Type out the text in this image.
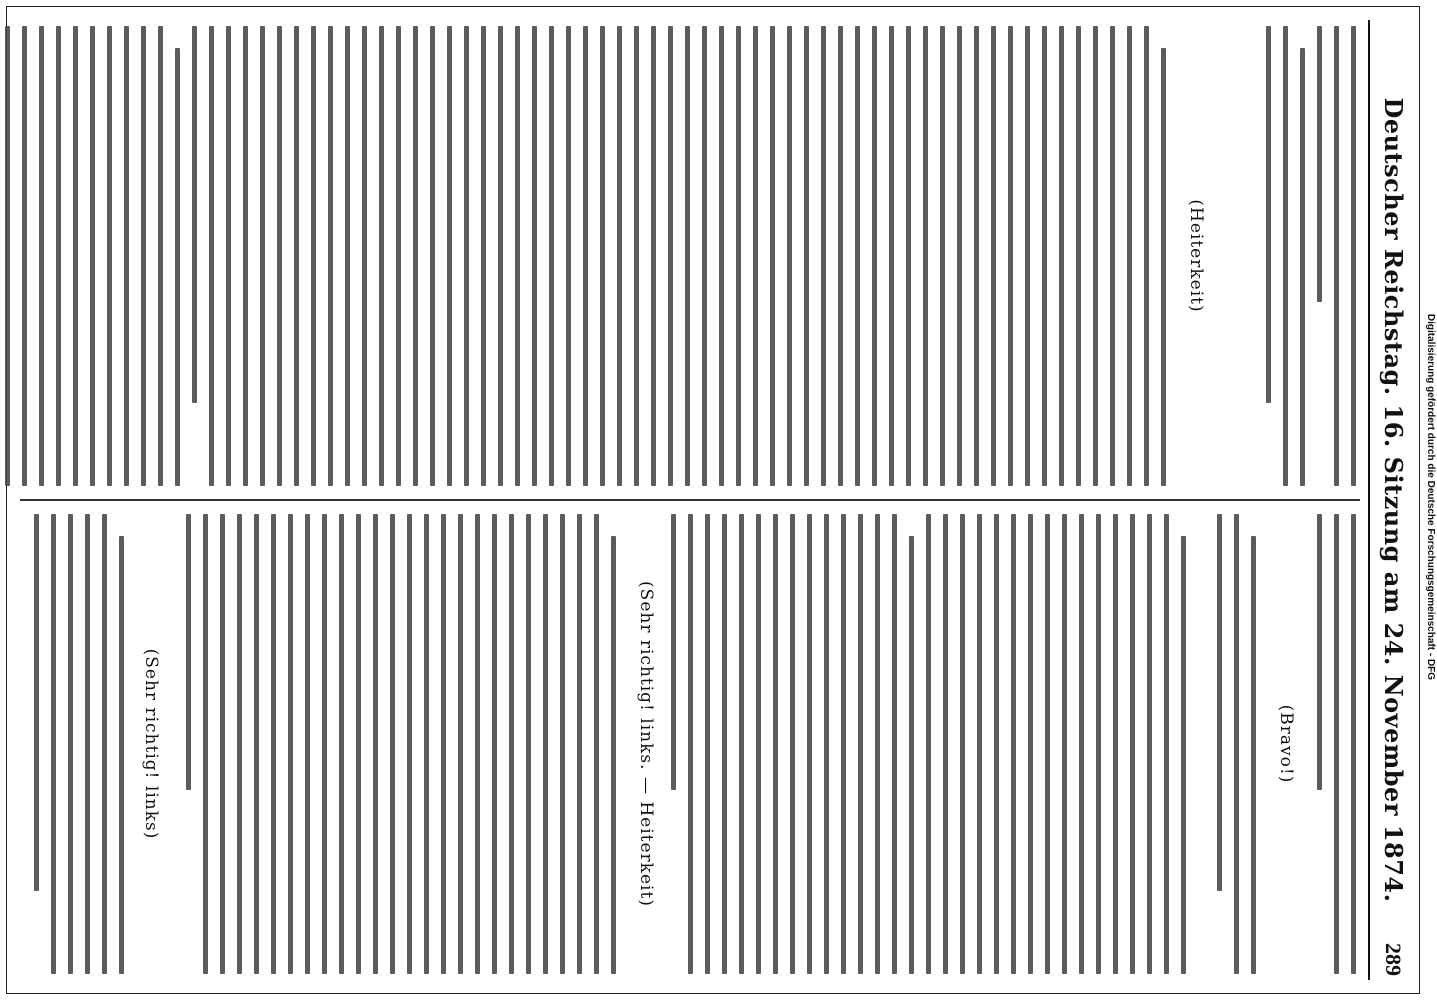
Deutscher Reichstag. 16. Sitzung am 24. November 1874.
289
(Heiterkeit)
(Bravo!)
(Sehr richtig! links. — Heiterkeit)
(Sehr richtig! links)
Digitalisierung gefördert durch die Deutsche Forschungsgemeinschaft - DFG
